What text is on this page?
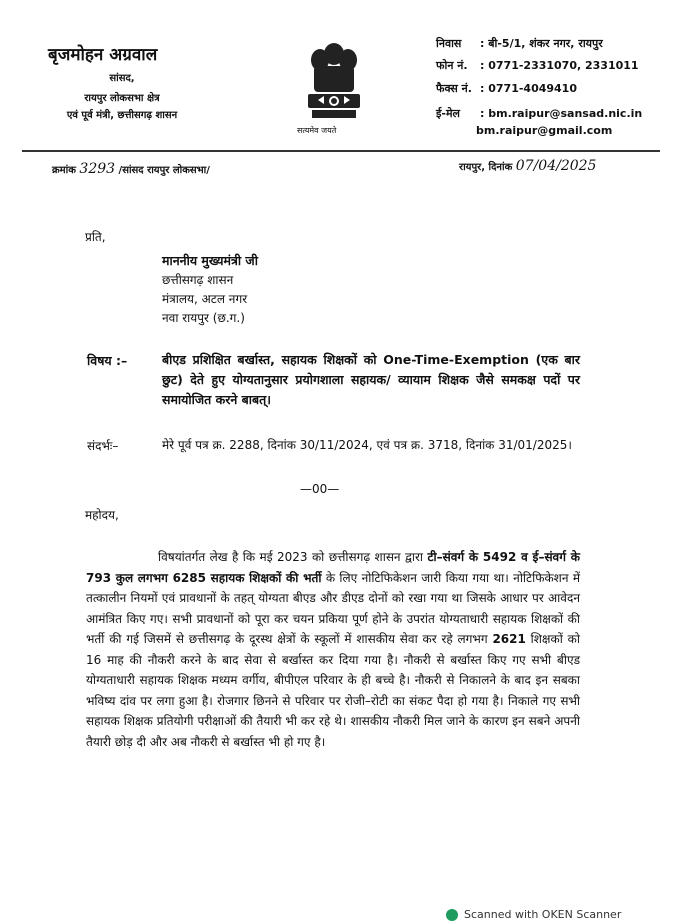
बृजमोहन अग्रवाल
सांसद,
रायपुर लोकसभा क्षेत्र
एवं पूर्व मंत्री, छत्तीसगढ़ शासन
सत्यमेव जयते
निवास : बी-5/1, शंकर नगर, रायपुर
फोन नं. : 0771-2331070, 2331011
फैक्स नं. : 0771-4049410
ई-मेल : bm.raipur@sansad.nic.in
bm.raipur@gmail.com
क्रमांक 3293 /सांसद रायपुर लोकसभा/	रायपुर, दिनांक 07/04/2025
प्रति,
माननीय मुख्यमंत्री जी
छत्तीसगढ़ शासन
मंत्रालय, अटल नगर
नवा रायपुर (छ.ग.)
विषय :–	बीएड प्रशिक्षित बर्खास्त, सहायक शिक्षकों को One-Time-Exemption (एक बार छुट) देते हुए योग्यतानुसार प्रयोगशाला सहायक/ व्यायाम शिक्षक जैसे समकक्ष पदों पर समायोजित करने बाबत्।
संदर्भः–	मेरे पूर्व पत्र क्र. 2288, दिनांक 30/11/2024, एवं पत्र क्र. 3718, दिनांक 31/01/2025।
—00—
महोदय,
विषयांतर्गत लेख है कि मई 2023 को छत्तीसगढ़ शासन द्वारा टी–संवर्ग के 5492 व ई–संवर्ग के 793 कुल लगभग 6285 सहायक शिक्षकों की भर्ती के लिए नोटिफिकेशन जारी किया गया था। नोटिफिकेशन में तत्कालीन नियमों एवं प्रावधानों के तहत् योग्यता बीएड और डीएड दोनों को रखा गया था जिसके आधार पर आवेदन आमंत्रित किए गए। सभी प्रावधानों को पूरा कर चयन प्रकिया पूर्ण होने के उपरांत योग्यताधारी सहायक शिक्षकों की भर्ती की गई जिसमें से छत्तीसगढ़ के दूरस्थ क्षेत्रों के स्कूलों में शासकीय सेवा कर रहे लगभग 2621 शिक्षकों को 16 माह की नौकरी करने के बाद सेवा से बर्खास्त कर दिया गया है। नौकरी से बर्खास्त किए गए सभी बीएड योग्यताधारी सहायक शिक्षक मध्यम वर्गीय, बीपीएल परिवार के ही बच्चे है। नौकरी से निकालने के बाद इन सबका भविष्य दांव पर लगा हुआ है। रोजगार छिनने से परिवार पर रोजी–रोटी का संकट पैदा हो गया है। निकाले गए सभी सहायक शिक्षक प्रतियोगी परीक्षाओं की तैयारी भी कर रहे थे। शासकीय नौकरी मिल जाने के कारण इन सबने अपनी तैयारी छोड़ दी और अब नौकरी से बर्खास्त भी हो गए है।
Scanned with OKEN Scanner
